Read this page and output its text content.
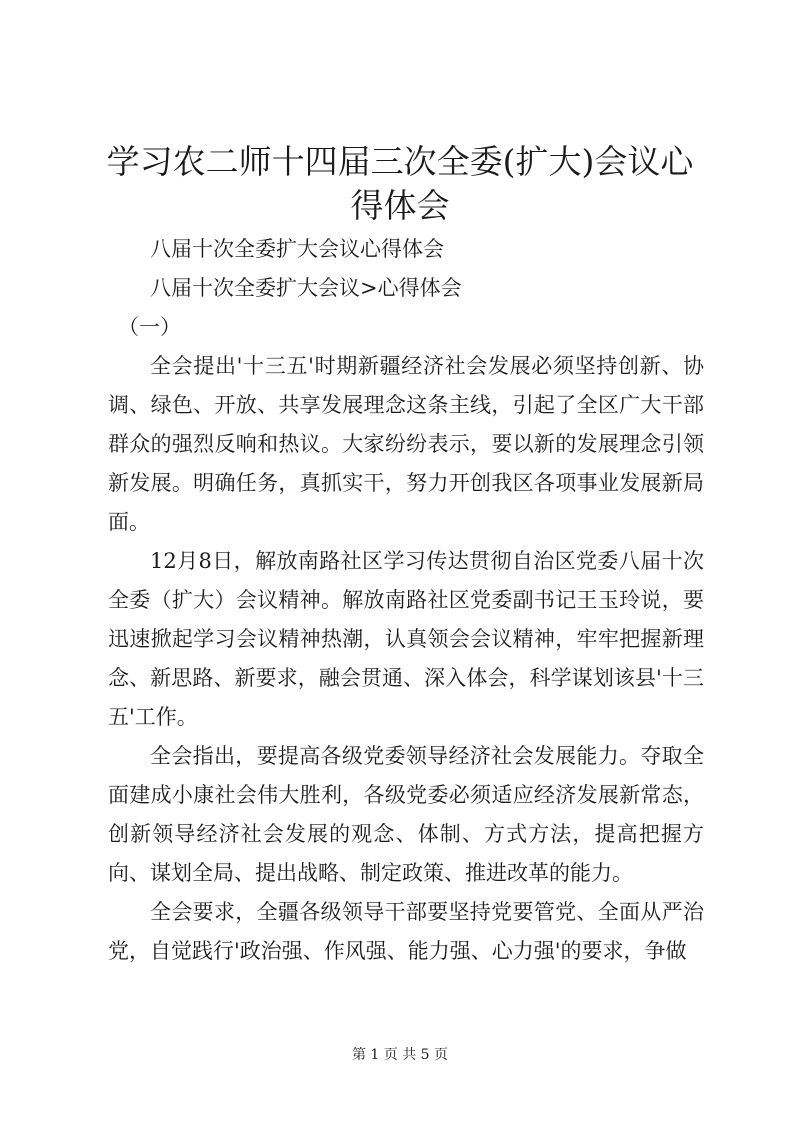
学习农二师十四届三次全委(扩大)会议心得体会

八届十次全委扩大会议心得体会

八届十次全委扩大会议>心得体会

（一）

全会提出'十三五'时期新疆经济社会发展必须坚持创新、协调、绿色、开放、共享发展理念这条主线，引起了全区广大干部群众的强烈反响和热议。大家纷纷表示，要以新的发展理念引领新发展。明确任务，真抓实干，努力开创我区各项事业发展新局面。

12月8日，解放南路社区学习传达贯彻自治区党委八届十次全委（扩大）会议精神。解放南路社区党委副书记王玉玲说，要迅速掀起学习会议精神热潮，认真领会会议精神，牢牢把握新理念、新思路、新要求，融会贯通、深入体会，科学谋划该县'十三五'工作。

全会指出，要提高各级党委领导经济社会发展能力。夺取全面建成小康社会伟大胜利，各级党委必须适应经济发展新常态，创新领导经济社会发展的观念、体制、方式方法，提高把握方向、谋划全局、提出战略、制定政策、推进改革的能力。

全会要求，全疆各级领导干部要坚持党要管党、全面从严治党，自觉践行'政治强、作风强、能力强、心力强'的要求，争做

第 1 页 共 5 页
